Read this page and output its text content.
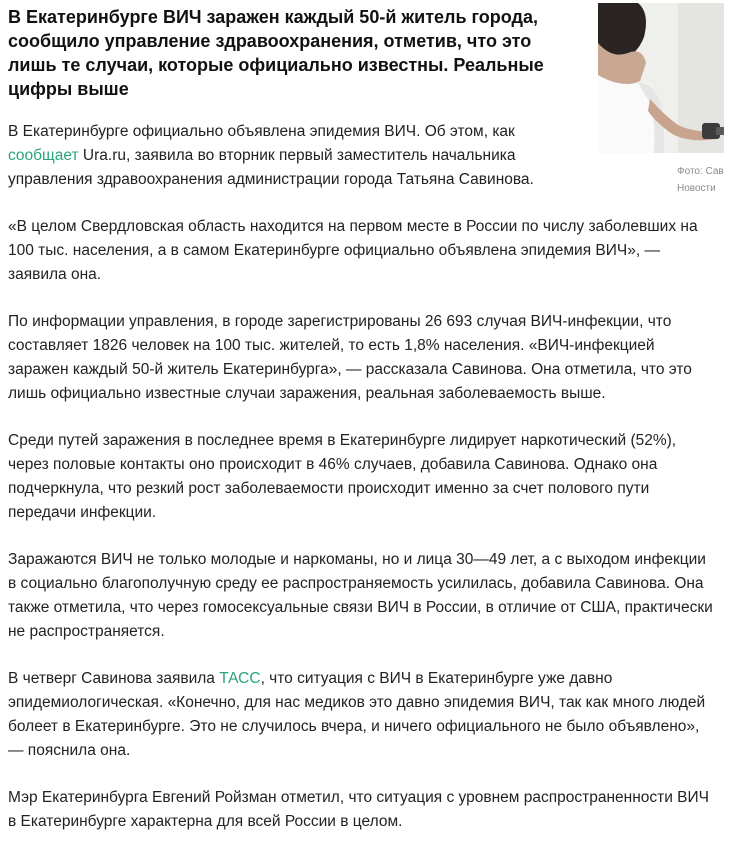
В Екатеринбурге ВИЧ заражен каждый 50-й житель города, сообщило управление здравоохранения, отметив, что это лишь те случаи, которые официально известны. Реальные цифры выше

В Екатеринбурге официально объявлена эпидемия ВИЧ. Об этом, как сообщает Ura.ru, заявила во вторник первый заместитель начальника управления здравоохранения администрации города Татьяна Савинова.

«В целом Свердловская область находится на первом месте в России по числу заболевших на 100 тыс. населения, а в самом Екатеринбурге официально объявлена эпидемия ВИЧ», — заявила она.

По информации управления, в городе зарегистрированы 26 693 случая ВИЧ-инфекции, что составляет 1826 человек на 100 тыс. жителей, то есть 1,8% населения. «ВИЧ-инфекцией заражен каждый 50-й житель Екатеринбурга», — рассказала Савинова. Она отметила, что это лишь официально известные случаи заражения, реальная заболеваемость выше.

Среди путей заражения в последнее время в Екатеринбурге лидирует наркотический (52%), через половые контакты оно происходит в 46% случаев, добавила Савинова. Однако она подчеркнула, что резкий рост заболеваемости происходит именно за счет полового пути передачи инфекции.

Заражаются ВИЧ не только молодые и наркоманы, но и лица 30—49 лет, а с выходом инфекции в социально благополучную среду ее распространяемость усилилась, добавила Савинова. Она также отметила, что через гомосексуальные связи ВИЧ в России, в отличие от США, практически не распространяется.

В четверг Савинова заявила ТАСС, что ситуация с ВИЧ в Екатеринбурге уже давно эпидемиологическая. «Конечно, для нас медиков это давно эпидемия ВИЧ, так как много людей болеет в Екатеринбурге. Это не случилось вчера, и ничего официального не было объявлено», — пояснила она.

Мэр Екатеринбурга Евгений Ройзман отметил, что ситуация с уровнем распространенности ВИЧ в Екатеринбурге характерна для всей России в целом.

Фото: Сав
Новости
